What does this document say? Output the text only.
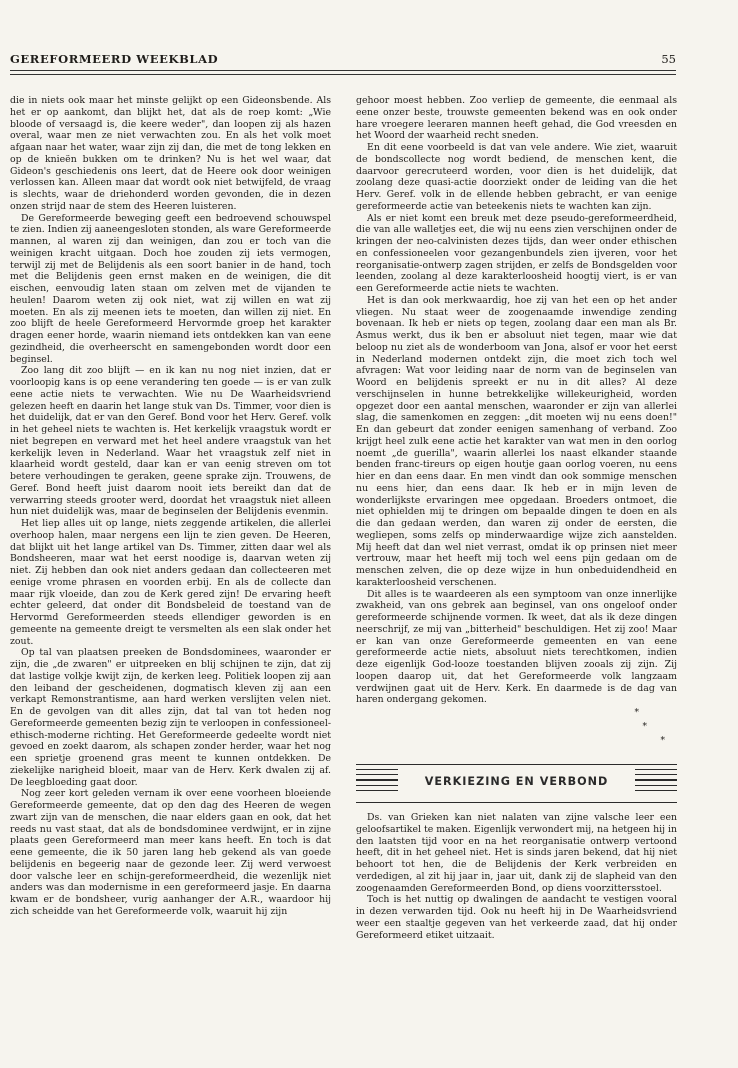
GEREFORMEERD WEEKBLAD	55

die in niets ook maar het minste gelijkt op een Gideonsbende. Als het er op aankomt, dan blijkt het, dat als de roep komt: „Wie bloode of versaagd is, die keere weder", dan loopen zij als hazen overal, waar men ze niet verwachten zou. En als het volk moet afgaan naar het water, waar zijn zij dan, die met de tong lekken en op de knieën bukken om te drinken? Nu is het wel waar, dat Gideon's geschiedenis ons leert, dat de Heere ook door weinigen verlossen kan. Alleen maar dat wordt ook niet betwijfeld, de vraag is slechts, waar de driehonderd worden gevonden, die in dezen onzen strijd naar de stem des Heeren luisteren.

De Gereformeerde beweging geeft een bedroevend schouwspel te zien. Indien zij aaneengesloten stonden, als ware Gereformeerde mannen, al waren zij dan weinigen, dan zou er toch van die weinigen kracht uitgaan. Doch hoe zouden zij iets vermogen, terwijl zij met de Belijdenis als een soort banier in de hand, toch met die Belijdenis geen ernst maken en de weinigen, die dit eischen, eenvoudig laten staan om zelven met de vijanden te heulen! Daarom weten zij ook niet, wat zij willen en wat zij moeten. En als zij meenen iets te moeten, dan willen zij niet. En zoo blijft de heele Gereformeerd Hervormde groep het karakter dragen eener horde, waarin niemand iets ontdekken kan van eene gezindheid, die overheerscht en samengebonden wordt door een beginsel.

Zoo lang dit zoo blijft — en ik kan nu nog niet inzien, dat er voorloopig kans is op eene verandering ten goede — is er van zulk eene actie niets te verwachten. Wie nu De Waarheidsvriend gelezen heeft en daarin het lange stuk van Ds. Timmer, voor dien is het duidelijk, dat er van den Geref. Bond voor het Herv. Geref. volk in het geheel niets te wachten is. Het kerkelijk vraagstuk wordt er niet begrepen en verward met het heel andere vraagstuk van het kerkelijk leven in Nederland. Waar het vraagstuk zelf niet in klaarheid wordt gesteld, daar kan er van eenig streven om tot betere verhoudingen te geraken, geene sprake zijn. Trouwens, de Geref. Bond heeft juist daarom nooit iets bereikt dan dat de verwarring steeds grooter werd, doordat het vraagstuk niet alleen hun niet duidelijk was, maar de beginselen der Belijdenis evenmin.

Het liep alles uit op lange, niets zeggende artikelen, die allerlei overhoop halen, maar nergens een lijn te zien geven. De Heeren, dat blijkt uit het lange artikel van Ds. Timmer, zitten daar wel als Bondsheeren, maar wat het eerst noodige is, daarvan weten zij niet. Zij hebben dan ook niet anders gedaan dan collecteeren met eenige vrome phrasen en voorden erbij. En als de collecte dan maar rijk vloeide, dan zou de Kerk gered zijn! De ervaring heeft echter geleerd, dat onder dit Bondsbeleid de toestand van de Hervormd Gereformeerden steeds ellendiger geworden is en gemeente na gemeente dreigt te versmelten als een slak onder het zout.

Op tal van plaatsen preeken de Bondsdominees, waaronder er zijn, die „de zwaren" er uitpreeken en blij schijnen te zijn, dat zij dat lastige volkje kwijt zijn, de kerken leeg. Politiek loopen zij aan den leiband der gescheidenen, dogmatisch kleven zij aan een verkapt Remonstrantisme, aan hard werken verslijten velen niet. En de gevolgen van dit alles zijn, dat tal van tot heden nog Gereformeerde gemeenten bezig zijn te verloopen in confessioneel-ethisch-moderne richting. Het Gereformeerde gedeelte wordt niet gevoed en zoekt daarom, als schapen zonder herder, waar het nog een sprietje groenend gras meent te kunnen ontdekken. De ziekelijke narigheid bloeit, maar van de Herv. Kerk dwalen zij af. De leegbloeding gaat door.

Nog zeer kort geleden vernam ik over eene voorheen bloeiende Gereformeerde gemeente, dat op den dag des Heeren de wegen zwart zijn van de menschen, die naar elders gaan en ook, dat het reeds nu vast staat, dat als de bondsdominee verdwijnt, er in zijne plaats geen Gereformeerd man meer kans heeft. En toch is dat eene gemeente, die ik 50 jaren lang heb gekend als van goede belijdenis en begeerig naar de gezonde leer. Zij werd verwoest door valsche leer en schijn-gereformeerdheid, die wezenlijk niet anders was dan modernisme in een gereformeerd jasje. En daarna kwam er de bondsheer, vurig aanhanger der A.R., waardoor hij zich scheidde van het Gereformeerde volk, waaruit hij zijn

gehoor moest hebben. Zoo verliep de gemeente, die eenmaal als eene onzer beste, trouwste gemeenten bekend was en ook onder hare vroegere leeraren mannen heeft gehad, die God vreesden en het Woord der waarheid recht sneden.

En dit eene voorbeeld is dat van vele andere. Wie ziet, waaruit de bondscollecte nog wordt bediend, de menschen kent, die daarvoor gerecruteerd worden, voor dien is het duidelijk, dat zoolang deze quasi-actie doorziekt onder de leiding van die het Herv. Geref. volk in de ellende hebben gebracht, er van eenige gereformeerde actie van beteekenis niets te wachten kan zijn.

Als er niet komt een breuk met deze pseudo-gereformeerdheid, die van alle walletjes eet, die wij nu eens zien verschijnen onder de kringen der neo-calvinisten dezes tijds, dan weer onder ethischen en confessioneelen voor gezangenbundels zien ijveren, voor het reorganisatie-ontwerp zagen strijden, er zelfs de Bondsgelden voor leenden, zoolang al deze karakterloosheid hoogtij viert, is er van een Gereformeerde actie niets te wachten.

Het is dan ook merkwaardig, hoe zij van het een op het ander vliegen. Nu staat weer de zoogenaamde inwendige zending bovenaan. Ik heb er niets op tegen, zoolang daar een man als Br. Asmus werkt, dus ik ben er absoluut niet tegen, maar wie dat beloop nu ziet als de wonderboom van Jona, alsof er voor het eerst in Nederland modernen ontdekt zijn, die moet zich toch wel afvragen: Wat voor leiding naar de norm van de beginselen van Woord en belijdenis spreekt er nu in dit alles? Al deze verschijnselen in hunne betrekkelijke willekeurigheid, worden opgezet door een aantal menschen, waaronder er zijn van allerlei slag, die samenkomen en zeggen: „dit moeten wij nu eens doen!" En dan gebeurt dat zonder eenigen samenhang of verband. Zoo krijgt heel zulk eene actie het karakter van wat men in den oorlog noemt „de guerilla", waarin allerlei los naast elkander staande benden franc-tireurs op eigen houtje gaan oorlog voeren, nu eens hier en dan eens daar. En men vindt dan ook sommige menschen nu eens hier, dan eens daar. Ik heb er in mijn leven de wonderlijkste ervaringen mee opgedaan. Broeders ontmoet, die niet ophielden mij te dringen om bepaalde dingen te doen en als die dan gedaan werden, dan waren zij onder de eersten, die wegliepen, soms zelfs op minderwaardige wijze zich aanstelden. Mij heeft dat dan wel niet verrast, omdat ik op prinsen niet meer vertrouw, maar het heeft mij toch wel eens pijn gedaan om de menschen zelven, die op deze wijze in hun onbeduidendheid en karakterloosheid verschenen.

Dit alles is te waardeeren als een symptoom van onze innerlijke zwakheid, van ons gebrek aan beginsel, van ons ongeloof onder gereformeerde schijnende vormen. Ik weet, dat als ik deze dingen neerschrijf, ze mij van „bitterheid" beschuldigen. Het zij zoo! Maar er kan van onze Gereformeerde gemeenten en van eene gereformeerde actie niets, absoluut niets terechtkomen, indien deze eigenlijk God-looze toestanden blijven zooals zij zijn. Zij loopen daarop uit, dat het Gereformeerde volk langzaam verdwijnen gaat uit de Herv. Kerk. En daarmede is de dag van haren ondergang gekomen.

*
*
*
VERKIEZING EN VERBOND

Ds. van Grieken kan niet nalaten van zijne valsche leer een geloofsartikel te maken. Eigenlijk verwondert mij, na hetgeen hij in den laatsten tijd voor en na het reorganisatie ontwerp vertoond heeft, dit in het geheel niet. Het is sinds jaren bekend, dat hij niet behoort tot hen, die de Belijdenis der Kerk verbreiden en verdedigen, al zit hij jaar in, jaar uit, dank zij de slapheid van den zoogenaamden Gereformeerden Bond, op diens voorzittersstoel.

Toch is het nuttig op dwalingen de aandacht te vestigen vooral in dezen verwarden tijd. Ook nu heeft hij in De Waarheidsvriend weer een staaltje gegeven van het verkeerde zaad, dat hij onder Gereformeerd etiket uitzaait.
